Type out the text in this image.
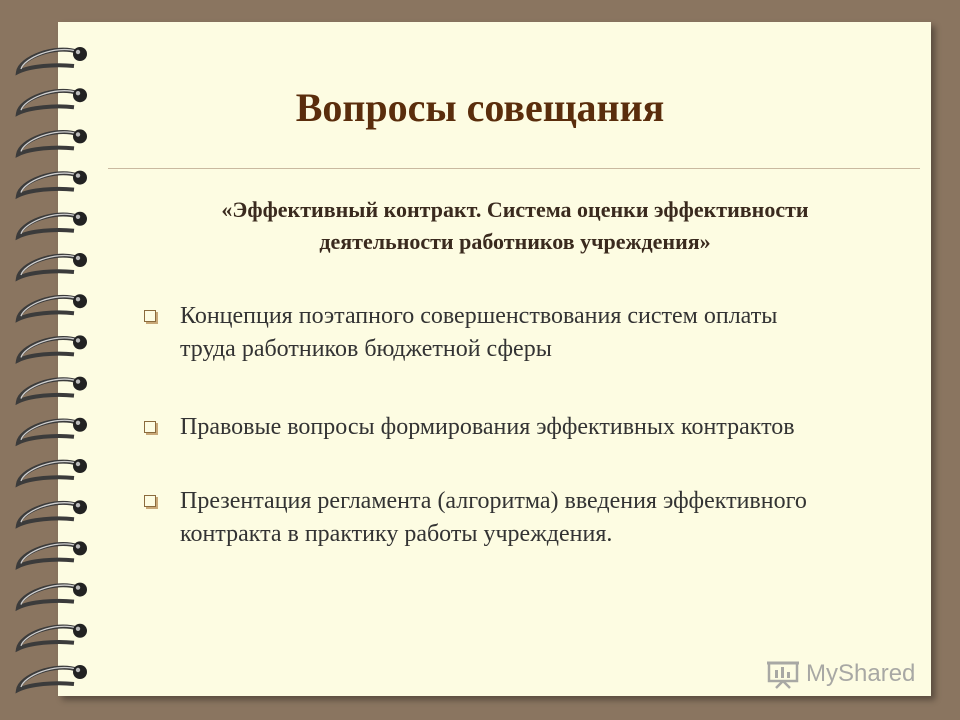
Вопросы совещания
«Эффективный контракт. Система оценки эффективности
деятельности работников учреждения»
Концепция поэтапного совершенствования систем оплаты
труда работников бюджетной сферы
Правовые вопросы формирования эффективных контрактов
Презентация регламента (алгоритма) введения эффективного
контракта в практику работы учреждения.
MyShared
